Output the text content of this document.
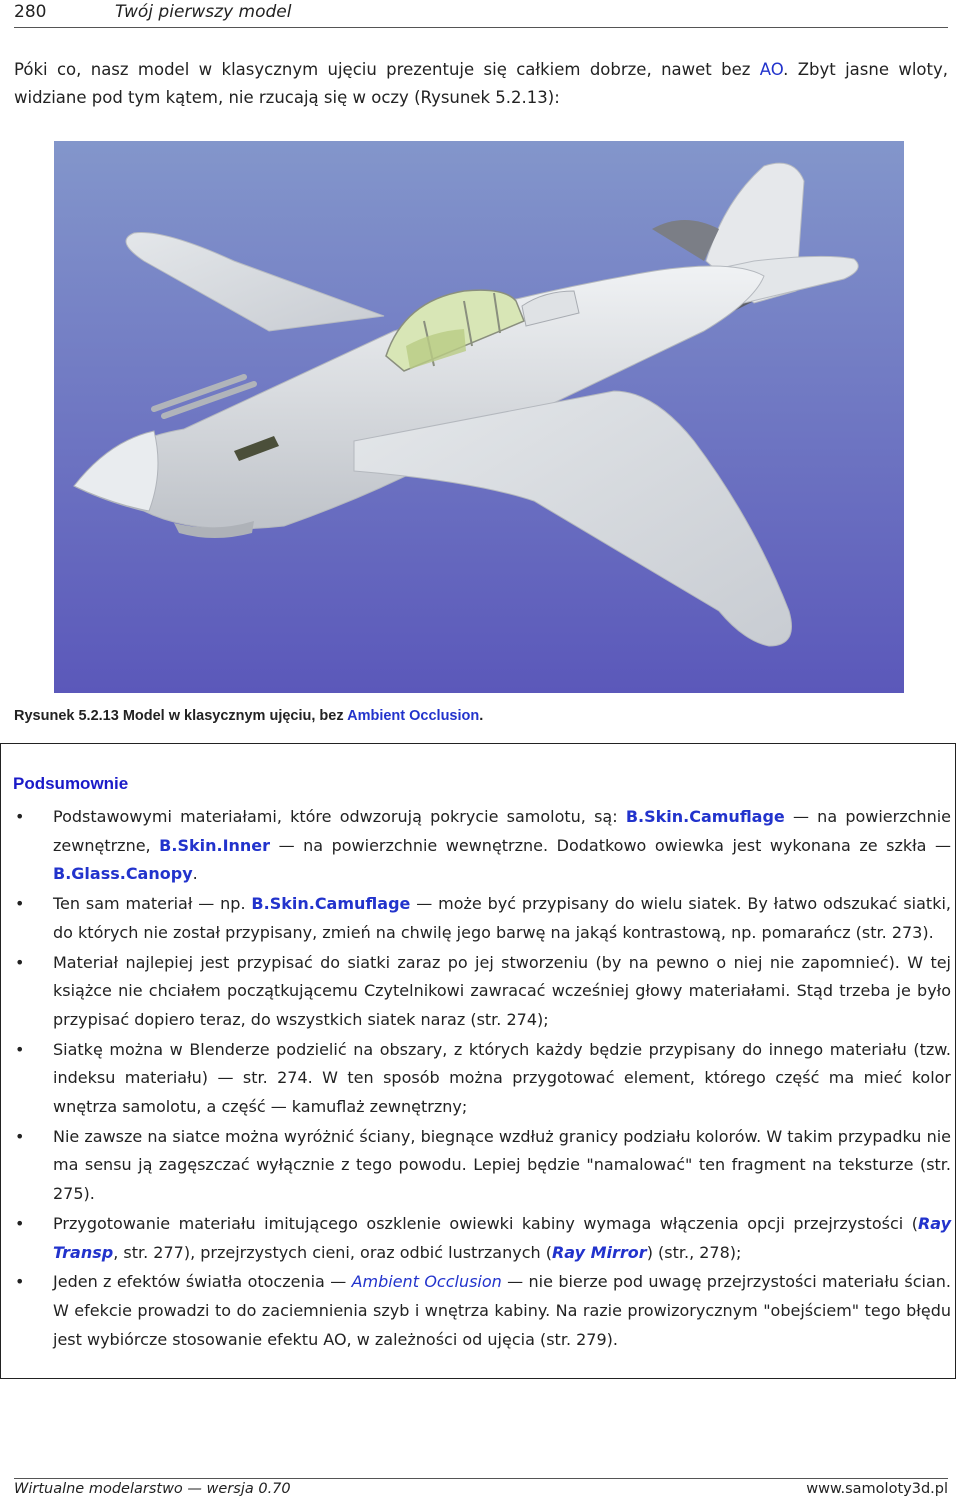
280	Twój pierwszy model
Póki co, nasz model w klasycznym ujęciu prezentuje się całkiem dobrze, nawet bez AO. Zbyt jasne wloty, widziane pod tym kątem, nie rzucają się w oczy (Rysunek 5.2.13):
Rysunek 5.2.13 Model w klasycznym ujęciu, bez Ambient Occlusion.
Podsumownie
• Podstawowymi materiałami, które odwzorują pokrycie samolotu, są: B.Skin.Camuflage — na powierzchnie zewnętrzne, B.Skin.Inner — na powierzchnie wewnętrzne. Dodatkowo owiewka jest wykonana ze szkła — B.Glass.Canopy.
• Ten sam materiał — np. B.Skin.Camuflage — może być przypisany do wielu siatek. By łatwo odszukać siatki, do których nie został przypisany, zmień na chwilę jego barwę na jakąś kontrastową, np. pomarańcz (str. 273).
• Materiał najlepiej jest przypisać do siatki zaraz po jej stworzeniu (by na pewno o niej nie zapomnieć). W tej książce nie chciałem początkującemu Czytelnikowi zawracać wcześniej głowy materiałami. Stąd trzeba je było przypisać dopiero teraz, do wszystkich siatek naraz (str. 274);
• Siatkę można w Blenderze podzielić na obszary, z których każdy będzie przypisany do innego materiału (tzw. indeksu materiału) — str. 274. W ten sposób można przygotować element, którego część ma mieć kolor wnętrza samolotu, a część — kamuflaż zewnętrzny;
• Nie zawsze na siatce można wyróżnić ściany, biegnące wzdłuż granicy podziału kolorów. W takim przypadku nie ma sensu ją zagęszczać wyłącznie z tego powodu. Lepiej będzie "namalować" ten fragment na teksturze (str. 275).
• Przygotowanie materiału imitującego oszklenie owiewki kabiny wymaga włączenia opcji przejrzystości (Ray Transp, str. 277), przejrzystych cieni, oraz odbić lustrzanych (Ray Mirror) (str., 278);
• Jeden z efektów światła otoczenia — Ambient Occlusion — nie bierze pod uwagę przejrzystości materiału ścian. W efekcie prowadzi to do zaciemnienia szyb i wnętrza kabiny. Na razie prowizorycznym "obejściem" tego błędu jest wybiórcze stosowanie efektu AO, w zależności od ujęcia (str. 279).
Wirtualne modelarstwo — wersja 0.70	www.samoloty3d.pl
